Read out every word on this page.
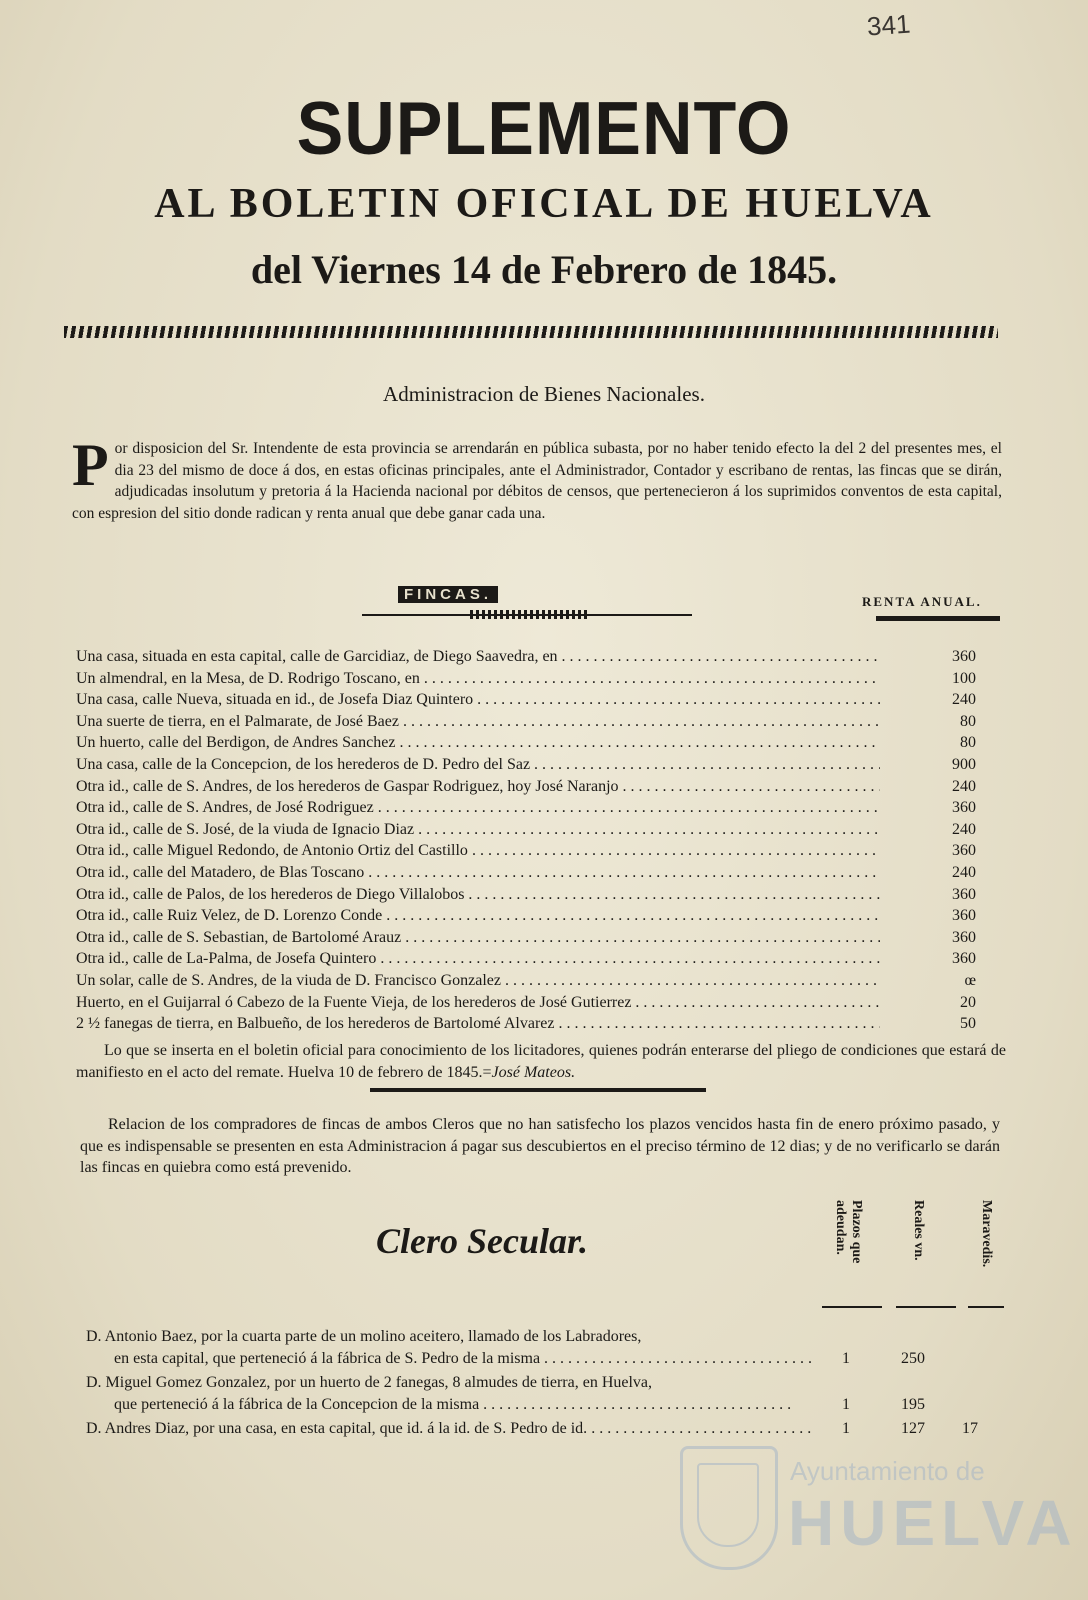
341
SUPLEMENTO
AL BOLETIN OFICIAL DE HUELVA
del Viernes 14 de Febrero de 1845.
Administracion de Bienes Nacionales.
Por disposicion del Sr. Intendente de esta provincia se arrendarán en pública subasta, por no haber tenido efecto la del 2 del presentes mes, el dia 23 del mismo de doce á dos, en estas oficinas principales, ante el Administrador, Contador y escribano de rentas, las fincas que se dirán, adjudicadas insolutum y pretoria á la Hacienda nacional por débitos de censos, que pertenecieron á los suprimidos conventos de esta capital, con espresion del sitio donde radican y renta anual que debe ganar cada una.
FINCAS.	RENTA ANUAL.
Una casa, situada en esta capital, calle de Garcidiaz, de Diego Saavedra, en . . .	360
Un almendral, en la Mesa, de D. Rodrigo Toscano, en . . .	100
Una casa, calle Nueva, situada en id., de Josefa Diaz Quintero . . .	240
Una suerte de tierra, en el Palmarate, de José Baez . . .	80
Un huerto, calle del Berdigon, de Andres Sanchez . . .	80
Una casa, calle de la Concepcion, de los herederos de D. Pedro del Saz . . .	900
Otra id., calle de S. Andres, de los herederos de Gaspar Rodriguez, hoy José Naranjo . . .	240
Otra id., calle de S. Andres, de José Rodriguez . . .	360
Otra id., calle de S. José, de la viuda de Ignacio Diaz . . .	240
Otra id., calle Miguel Redondo, de Antonio Ortiz del Castillo . . .	360
Otra id., calle del Matadero, de Blas Toscano . . .	240
Otra id., calle de Palos, de los herederos de Diego Villalobos . . .	360
Otra id., calle Ruiz Velez, de D. Lorenzo Conde . . .	360
Otra id., calle de S. Sebastian, de Bartolomé Arauz . . .	360
Otra id., calle de La-Palma, de Josefa Quintero . . .	360
Un solar, calle de S. Andres, de la viuda de D. Francisco Gonzalez . . .	œ
Huerto, en el Guijarral ó Cabezo de la Fuente Vieja, de los herederos de José Gutierrez . . .	20
2 ½ fanegas de tierra, en Balbueño, de los herederos de Bartolomé Alvarez . . .	50
Lo que se inserta en el boletin oficial para conocimiento de los licitadores, quienes podrán enterarse del pliego de condiciones que estará de manifiesto en el acto del remate. Huelva 10 de febrero de 1845.=José Mateos.
Relacion de los compradores de fincas de ambos Cleros que no han satisfecho los plazos vencidos hasta fin de enero próximo pasado, y que es indispensable se presenten en esta Administracion á pagar sus descubiertos en el preciso término de 12 dias; y de no verificarlo se darán las fincas en quiebra como está prevenido.
Clero Secular.	Plazos que adeudan.	Reales vn.	Maravedis.
D. Antonio Baez, por la cuarta parte de un molino aceitero, llamado de los Labradores,
en esta capital, que perteneció á la fábrica de S. Pedro de la misma . . .	1	250
D. Miguel Gomez Gonzalez, por un huerto de 2 fanegas, 8 almudes de tierra, en Huelva,
que perteneció á la fábrica de la Concepcion de la misma . . .	1	195
D. Andres Diaz, por una casa, en esta capital, que id. á la id. de S. Pedro de id. . . .	1	127	17
Ayuntamiento de
HUELVA
